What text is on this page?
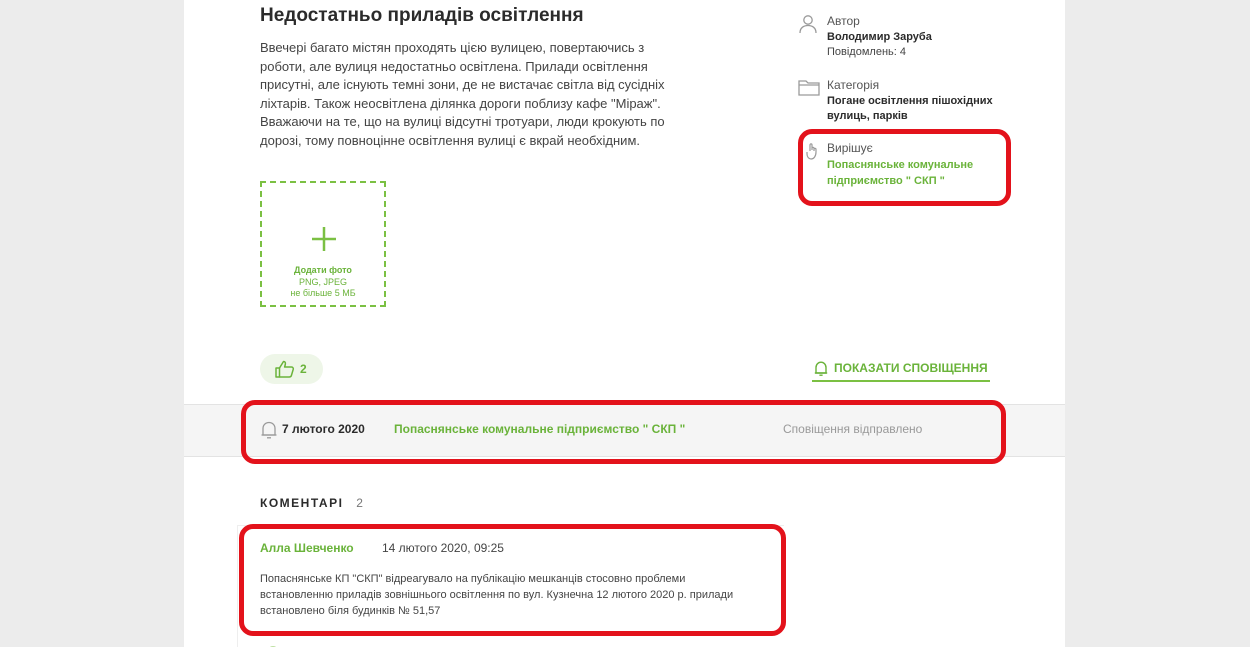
Недостатньо приладів освітлення

Ввечері багато містян проходять цією вулицею, повертаючись з роботи, але вулиця недостатньо освітлена. Прилади освітлення присутні, але існують темні зони, де не вистачає світла від сусідніх ліхтарів. Також неосвітлена ділянка дороги поблизу кафе "Міраж". Вважаючи на те, що на вулиці відсутні тротуари, люди крокують по дорозі, тому повноцінне освітлення вулиці є вкрай необхідним.

Додати фото
PNG, JPEG
не більше 5 МБ
Автор
Володимир Заруба
Повідомлень: 4
Категорія
Погане освітлення пішохідних вулиць, парків
Вирішує
Попаснянське комунальне підприємство " СКП "
2	ПОКАЗАТИ СПОВІЩЕННЯ
7 лютого 2020 Попаснянське комунальне підприємство " СКП "	Сповіщення відправлено
КОМЕНТАРІ 2
Алла Шевченко 14 лютого 2020, 09:25

Попаснянське КП "СКП" відреагувало на публікацію мешканців стосовно проблеми встановленню приладів зовнішнього освітлення по вул. Кузнечна 12 лютого 2020 р. прилади встановлено біля будинків № 51,57
